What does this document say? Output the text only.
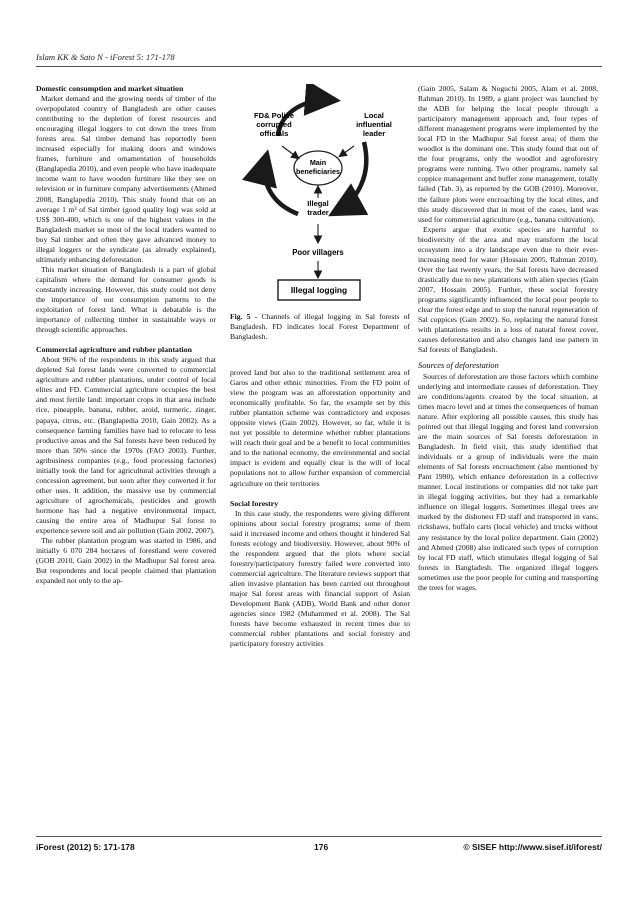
Islam KK & Sato N - iForest 5: 171-178
Domestic consumption and market situation

Market demand and the growing needs of timber of the overpopulated country of Bangladesh are other causes contributing to the depletion of forest resources and encouraging illegal loggers to cut down the trees from forests area. Sal timber demand has reportedly been increased especially for making doors and windows frames, furniture and ornamentation of households (Banglapedia 2010), and even people who have inadequate income want to have wooden furniture like they see on television or in furniture company advertisements (Ahmed 2008, Banglapedia 2010). This study found that on an average 1 m³ of Sal timber (good quality log) was sold at US$ 300-400, which is one of the highest values in the Bangladesh market so most of the local traders wanted to buy Sal timber and often they gave advanced money to illegal loggers or the syndicate (as already explained), ultimately enhancing deforestation.

This market situation of Bangladesh is a part of global capitalism where the demand for consumer goods is constantly increasing. However, this study could not deny the importance of our consumption patterns to the exploitation of forest land. What is debatable is the importance of collecting timber in sustainable ways or through scientific approaches.

Commercial agriculture and rubber plantation

About 96% of the respondents in this study argued that depleted Sal forest lands were converted to commercial agriculture and rubber plantations, under control of local elites and FD. Commercial agriculture occupies the best and most fertile land: important crops in that area include rice, pineapple, banana, rubber, aroid, turmeric, zinger, papaya, citrus, etc. (Banglapedia 2010, Gain 2002). As a consequence farming families have had to relocate to less productive areas and the Sal forests have been reduced by more than 50% since the 1970s (FAO 2003). Further, agribusiness companies (e.g., food processing factories) initially took the land for agricultural activities through a concession agreement, but soon after they converted it for other uses. It addition, the massive use by commercial agriculture of agrochemicals, pesticides and growth hormone has had a negative environmental impact, causing the entire area of Madhupur Sal forest to experience severe soil and air pollution (Gain 2002, 2007).

The rubber plantation program was started in 1986, and initially 6 070 284 hectares of forestland were covered (GOB 2010, Gain 2002) in the Madhupur Sal forest area. But respondents and local people claimed that plantation expanded not only to the ap-

FD& Police corrupted officials
Local influential leader
Main beneficiaries
Illegal trader
Poor villagers
Illegal logging
Fig. 5 - Channels of illegal logging in Sal forests of Bangladesh. FD indicates local Forest Department of Bangladesh.

proved land but also to the traditional settlement area of Garos and other ethnic minorities. From the FD point of view the program was an afforestation opportunity and economically profitable. So far, the example set by this rubber plantation scheme was contradictory and exposes opposite views (Gain 2002). However, so far, while it is not yet possible to determine whether rubber plantations will reach their goal and be a benefit to local communities and to the national economy, the environmental and social impact is evident and equally clear is the will of local populations not to allow further expansion of commercial agriculture on their territories

Social forestry

In this case study, the respondents were giving different opinions about social forestry programs; some of them said it increased income and others thought it hindered Sal forests ecology and biodiversity. However, about 90% of the respondent argued that the plots where social forestry/participatory forestry failed were converted into commercial agriculture. The literature reviews support that alien invasive plantation has been carried out throughout major Sal forest areas with financial support of Asian Development Bank (ADB), World Bank and other donor agencies since 1982 (Muhammed et al. 2008). The Sal forests have become exhausted in recent times due to commercial rubber plantations and social forestry and participatory forestry activities

(Gain 2005, Salam & Noguchi 2005, Alam et al. 2008, Rahman 2010). In 1989, a giant project was launched by the ADB for helping the local people through a participatory management approach and, four types of different management programs were implemented by the local FD in the Madhupur Sal forest area; of them the woodlot is the dominant one. This study found that out of the four programs, only the woodlot and agroforestry programs were running. Two other programs, namely sal coppice management and buffer zone management, totally failed (Tab. 3), as reported by the GOB (2010). Moreover, the failure plots were encroaching by the local elites, and this study discovered that in most of the cases, land was used for commercial agriculture (e.g., banana cultivation).

Experts argue that exotic species are harmful to biodiversity of the area and may transform the local ecosystem into a dry landscape even due to their ever-increasing need for water (Hossain 2005, Rahman 2010). Over the last twenty years, the Sal forests have decreased drastically due to new plantations with alien species (Gain 2007, Hossain 2005). Further, these social forestry programs significantly influenced the local poor people to clear the forest edge and to stop the natural regeneration of Sal coppices (Gain 2002). So, replacing the natural forest with plantations results in a loss of natural forest cover, causes deforestation and also changes land use pattern in Sal forests of Bangladesh.

Sources of deforestation

Sources of deforestation are those factors which combine underlying and intermediate causes of deforestation. They are conditions/agents created by the local situation, at times macro level and at times the consequences of human nature. After exploring all possible causes, this study has pointed out that illegal logging and forest land conversion are the main sources of Sal forests deforestation in Bangladesh. In field visit, this study identified that individuals or a group of individuals were the main elements of Sal forests encroachment (also mentioned by Pant 1990), which enhance deforestation in a collective manner. Local institutions or companies did not take part in illegal logging activities, but they had a remarkable influence on illegal loggers. Sometimes illegal trees are marked by the dishonest FD staff and transported in vans, rickshaws, buffalo carts (local vehicle) and trucks without any resistance by the local police department. Gain (2002) and Ahmed (2008) also indicated such types of corruption by local FD staff, which stimulates illegal logging of Sal forests in Bangladesh. The organized illegal loggers sometimes use the poor people for cutting and transporting the trees for wages.

iForest (2012) 5: 171-178	176	© SISEF http://www.sisef.it/iforest/
